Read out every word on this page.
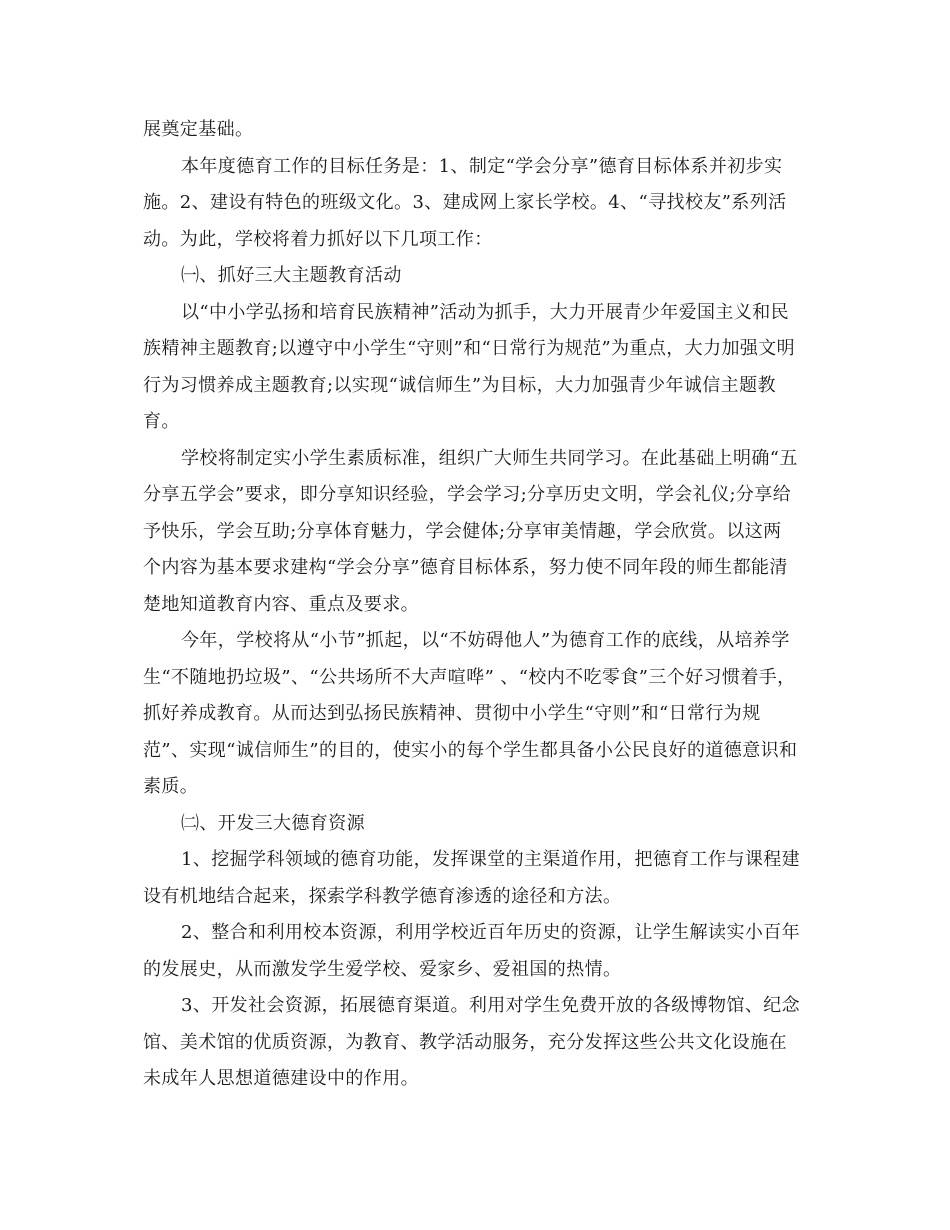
展奠定基础。
本年度德育工作的目标任务是：1、制定“学会分享”德育目标体系并初步实
施。2、建设有特色的班级文化。3、建成网上家长学校。4、“寻找校友”系列活
动。为此，学校将着力抓好以下几项工作：
㈠、抓好三大主题教育活动
以“中小学弘扬和培育民族精神”活动为抓手，大力开展青少年爱国主义和民
族精神主题教育;以遵守中小学生“守则”和“日常行为规范”为重点，大力加强文明
行为习惯养成主题教育;以实现“诚信师生”为目标，大力加强青少年诚信主题教
育。
学校将制定实小学生素质标准，组织广大师生共同学习。在此基础上明确“五
分享五学会”要求，即分享知识经验，学会学习;分享历史文明，学会礼仪;分享给
予快乐，学会互助;分享体育魅力，学会健体;分享审美情趣，学会欣赏。以这两
个内容为基本要求建构“学会分享”德育目标体系，努力使不同年段的师生都能清
楚地知道教育内容、重点及要求。
今年，学校将从“小节”抓起，以“不妨碍他人”为德育工作的底线，从培养学
生“不随地扔垃圾”、“公共场所不大声喧哗” 、“校内不吃零食”三个好习惯着手，
抓好养成教育。从而达到弘扬民族精神、贯彻中小学生“守则”和“日常行为规
范”、实现“诚信师生”的目的，使实小的每个学生都具备小公民良好的道德意识和
素质。
㈡、开发三大德育资源
1、挖掘学科领域的德育功能，发挥课堂的主渠道作用，把德育工作与课程建
设有机地结合起来，探索学科教学德育渗透的途径和方法。
2、整合和利用校本资源，利用学校近百年历史的资源，让学生解读实小百年
的发展史，从而激发学生爱学校、爱家乡、爱祖国的热情。
3、开发社会资源，拓展德育渠道。利用对学生免费开放的各级博物馆、纪念
馆、美术馆的优质资源，为教育、教学活动服务，充分发挥这些公共文化设施在
未成年人思想道德建设中的作用。
